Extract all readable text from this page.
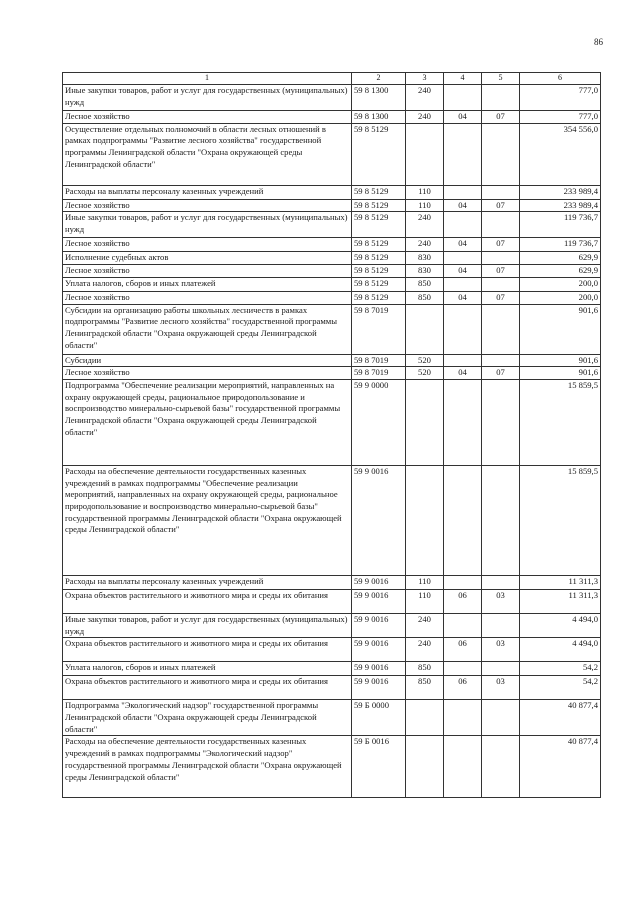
86
1	2	3	4	5	6
Иные закупки товаров, работ и услуг для государственных (муниципальных) нужд	59 8 1300	240			777,0
Лесное хозяйство	59 8 1300	240	04	07	777,0
Осуществление отдельных полномочий в области лесных отношений в рамках подпрограммы "Развитие лесного хозяйства" государственной программы Ленинградской области "Охрана окружающей среды Ленинградской области"	59 8 5129				354 556,0
Расходы на выплаты персоналу казенных учреждений	59 8 5129	110			233 989,4
Лесное хозяйство	59 8 5129	110	04	07	233 989,4
Иные закупки товаров, работ и услуг для государственных (муниципальных) нужд	59 8 5129	240			119 736,7
Лесное хозяйство	59 8 5129	240	04	07	119 736,7
Исполнение судебных актов	59 8 5129	830			629,9
Лесное хозяйство	59 8 5129	830	04	07	629,9
Уплата налогов, сборов и иных платежей	59 8 5129	850			200,0
Лесное хозяйство	59 8 5129	850	04	07	200,0
Субсидии на организацию работы школьных лесничеств в рамках подпрограммы "Развитие лесного хозяйства" государственной программы Ленинградской области "Охрана окружающей среды Ленинградской области"	59 8 7019				901,6
Субсидии	59 8 7019	520			901,6
Лесное хозяйство	59 8 7019	520	04	07	901,6
Подпрограмма "Обеспечение реализации мероприятий, направленных на охрану окружающей среды, рациональное природопользование и воспроизводство минерально-сырьевой базы" государственной программы Ленинградской области "Охрана окружающей среды Ленинградской области"	59 9 0000				15 859,5
Расходы на обеспечение деятельности государственных казенных учреждений в рамках подпрограммы "Обеспечение реализации мероприятий, направленных на охрану окружающей среды, рациональное природопользование и воспроизводство минерально-сырьевой базы" государственной программы Ленинградской области "Охрана окружающей среды Ленинградской области"	59 9 0016				15 859,5
Расходы на выплаты персоналу казенных учреждений	59 9 0016	110			11 311,3
Охрана объектов растительного и животного мира и среды их обитания	59 9 0016	110	06	03	11 311,3
Иные закупки товаров, работ и услуг для государственных (муниципальных) нужд	59 9 0016	240			4 494,0
Охрана объектов растительного и животного мира и среды их обитания	59 9 0016	240	06	03	4 494,0
Уплата налогов, сборов и иных платежей	59 9 0016	850			54,2
Охрана объектов растительного и животного мира и среды их обитания	59 9 0016	850	06	03	54,2
Подпрограмма "Экологический надзор" государственной программы Ленинградской области "Охрана окружающей среды Ленинградской области"	59 Б 0000				40 877,4
Расходы на обеспечение деятельности государственных казенных учреждений в рамках подпрограммы "Экологический надзор" государственной программы Ленинградской области "Охрана окружающей среды Ленинградской области"	59 Б 0016				40 877,4
